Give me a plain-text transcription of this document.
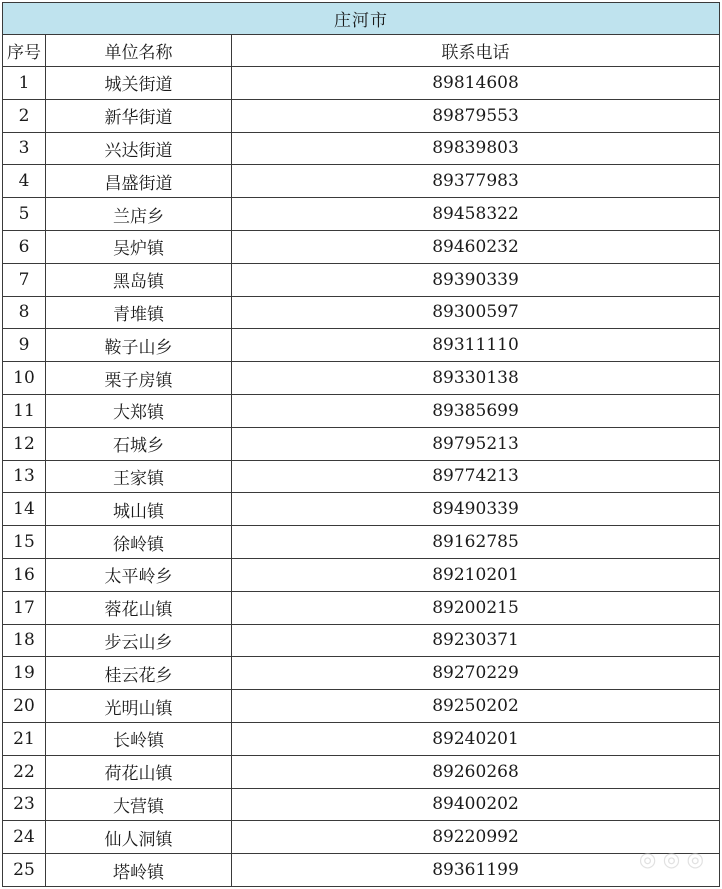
庄河市		
序号	单位名称	联系电话
1	城关街道	89814608
2	新华街道	89879553
3	兴达街道	89839803
4	昌盛街道	89377983
5	兰店乡	89458322
6	吴炉镇	89460232
7	黑岛镇	89390339
8	青堆镇	89300597
9	鞍子山乡	89311110
10	栗子房镇	89330138
11	大郑镇	89385699
12	石城乡	89795213
13	王家镇	89774213
14	城山镇	89490339
15	徐岭镇	89162785
16	太平岭乡	89210201
17	蓉花山镇	89200215
18	步云山乡	89230371
19	桂云花乡	89270229
20	光明山镇	89250202
21	长岭镇	89240201
22	荷花山镇	89260268
23	大营镇	89400202
24	仙人洞镇	89220992
25	塔岭镇	89361199	◎ ◎ ◎
